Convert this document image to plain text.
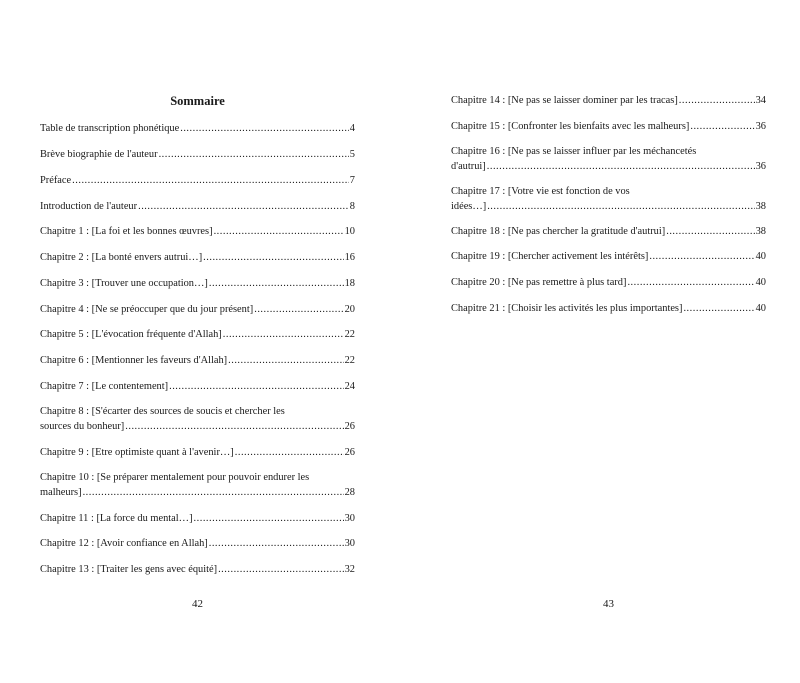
Sommaire
Table de transcription phonétique .....	4
Brève biographie de l'auteur .....	5
Préface .....	7
Introduction de l'auteur .....	8
Chapitre 1 : [La foi et les bonnes œuvres] .....	10
Chapitre 2 : [La bonté envers autrui…] .....	16
Chapitre 3 : [Trouver une occupation…] .....	18
Chapitre 4 : [Ne se préoccuper que du jour présent] .....	20
Chapitre 5 : [L'évocation fréquente d'Allah] .....	22
Chapitre 6 : [Mentionner les faveurs d'Allah] .....	22
Chapitre 7 : [Le contentement] .....	24
Chapitre 8 : [S'écarter des sources de soucis et chercher les
sources du bonheur] .....	26
Chapitre 9 : [Etre optimiste quant à l'avenir…] .....	26
Chapitre 10 : [Se préparer mentalement pour pouvoir endurer les
malheurs] .....	28
Chapitre 11 : [La force du mental…] .....	30
Chapitre 12 : [Avoir confiance en Allah] .....	30
Chapitre 13 : [Traiter les gens avec équité] .....	32
42
Chapitre 14 : [Ne pas se laisser dominer par les tracas] .....	34
Chapitre 15 : [Confronter les bienfaits avec les malheurs] .....	36
Chapitre 16 : [Ne pas se laisser influer par les méchancetés
d'autrui] .....	36
Chapitre 17 : [Votre vie est fonction de vos
idées…] .....	38
Chapitre 18 : [Ne pas chercher la gratitude d'autrui] .....	38
Chapitre 19 : [Chercher activement les intérêts] .....	40
Chapitre 20 : [Ne pas remettre à plus tard] .....	40
Chapitre 21 : [Choisir les activités les plus importantes] .....	40
43
